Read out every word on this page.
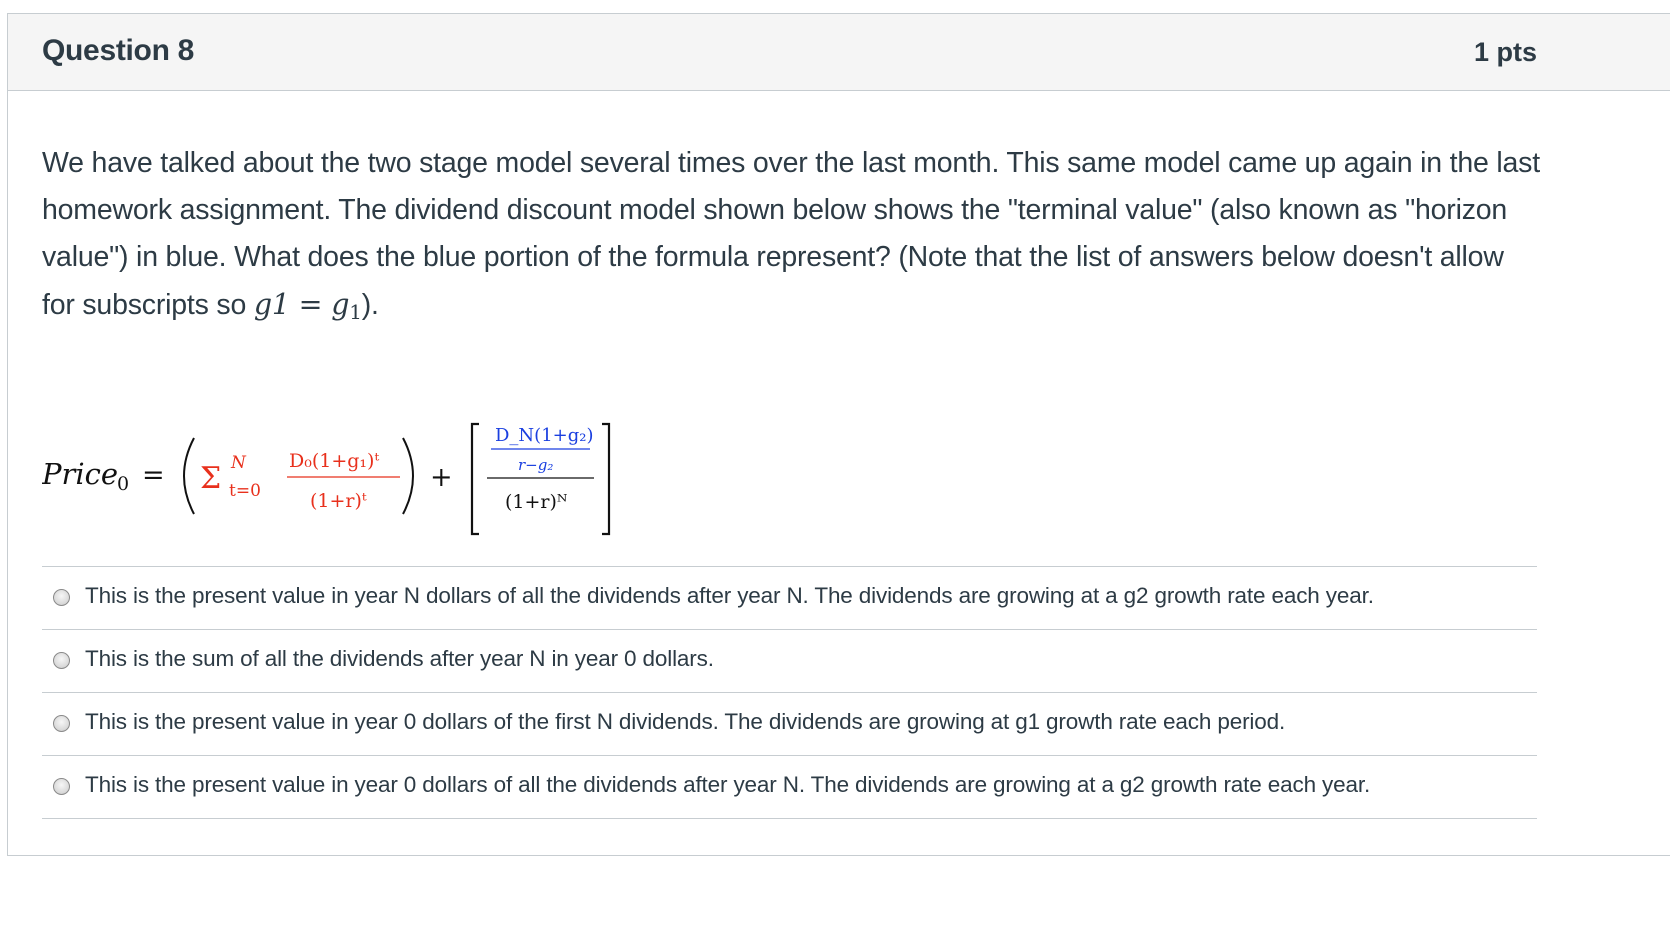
Question 8	1 pts
We have talked about the two stage model several times over the last month. This same model came up again in the last homework assignment. The dividend discount model shown below shows the "terminal value" (also known as "horizon value") in blue. What does the blue portion of the formula represent? (Note that the list of answers below doesn't allow for subscripts so $g1 = g_1$).
Price
0 = Σ N
t=0
D₀(1+g₁)ᵗ
(1+r)ᵗ
+
D_N(1+g₂)
r−g₂
(1+r)ᴺ
This is the present value in year N dollars of all the dividends after year N. The dividends are growing at a g2 growth rate each year.
This is the sum of all the dividends after year N in year 0 dollars.
This is the present value in year 0 dollars of the first N dividends. The dividends are growing at g1 growth rate each period.
This is the present value in year 0 dollars of all the dividends after year N. The dividends are growing at a g2 growth rate each year.
